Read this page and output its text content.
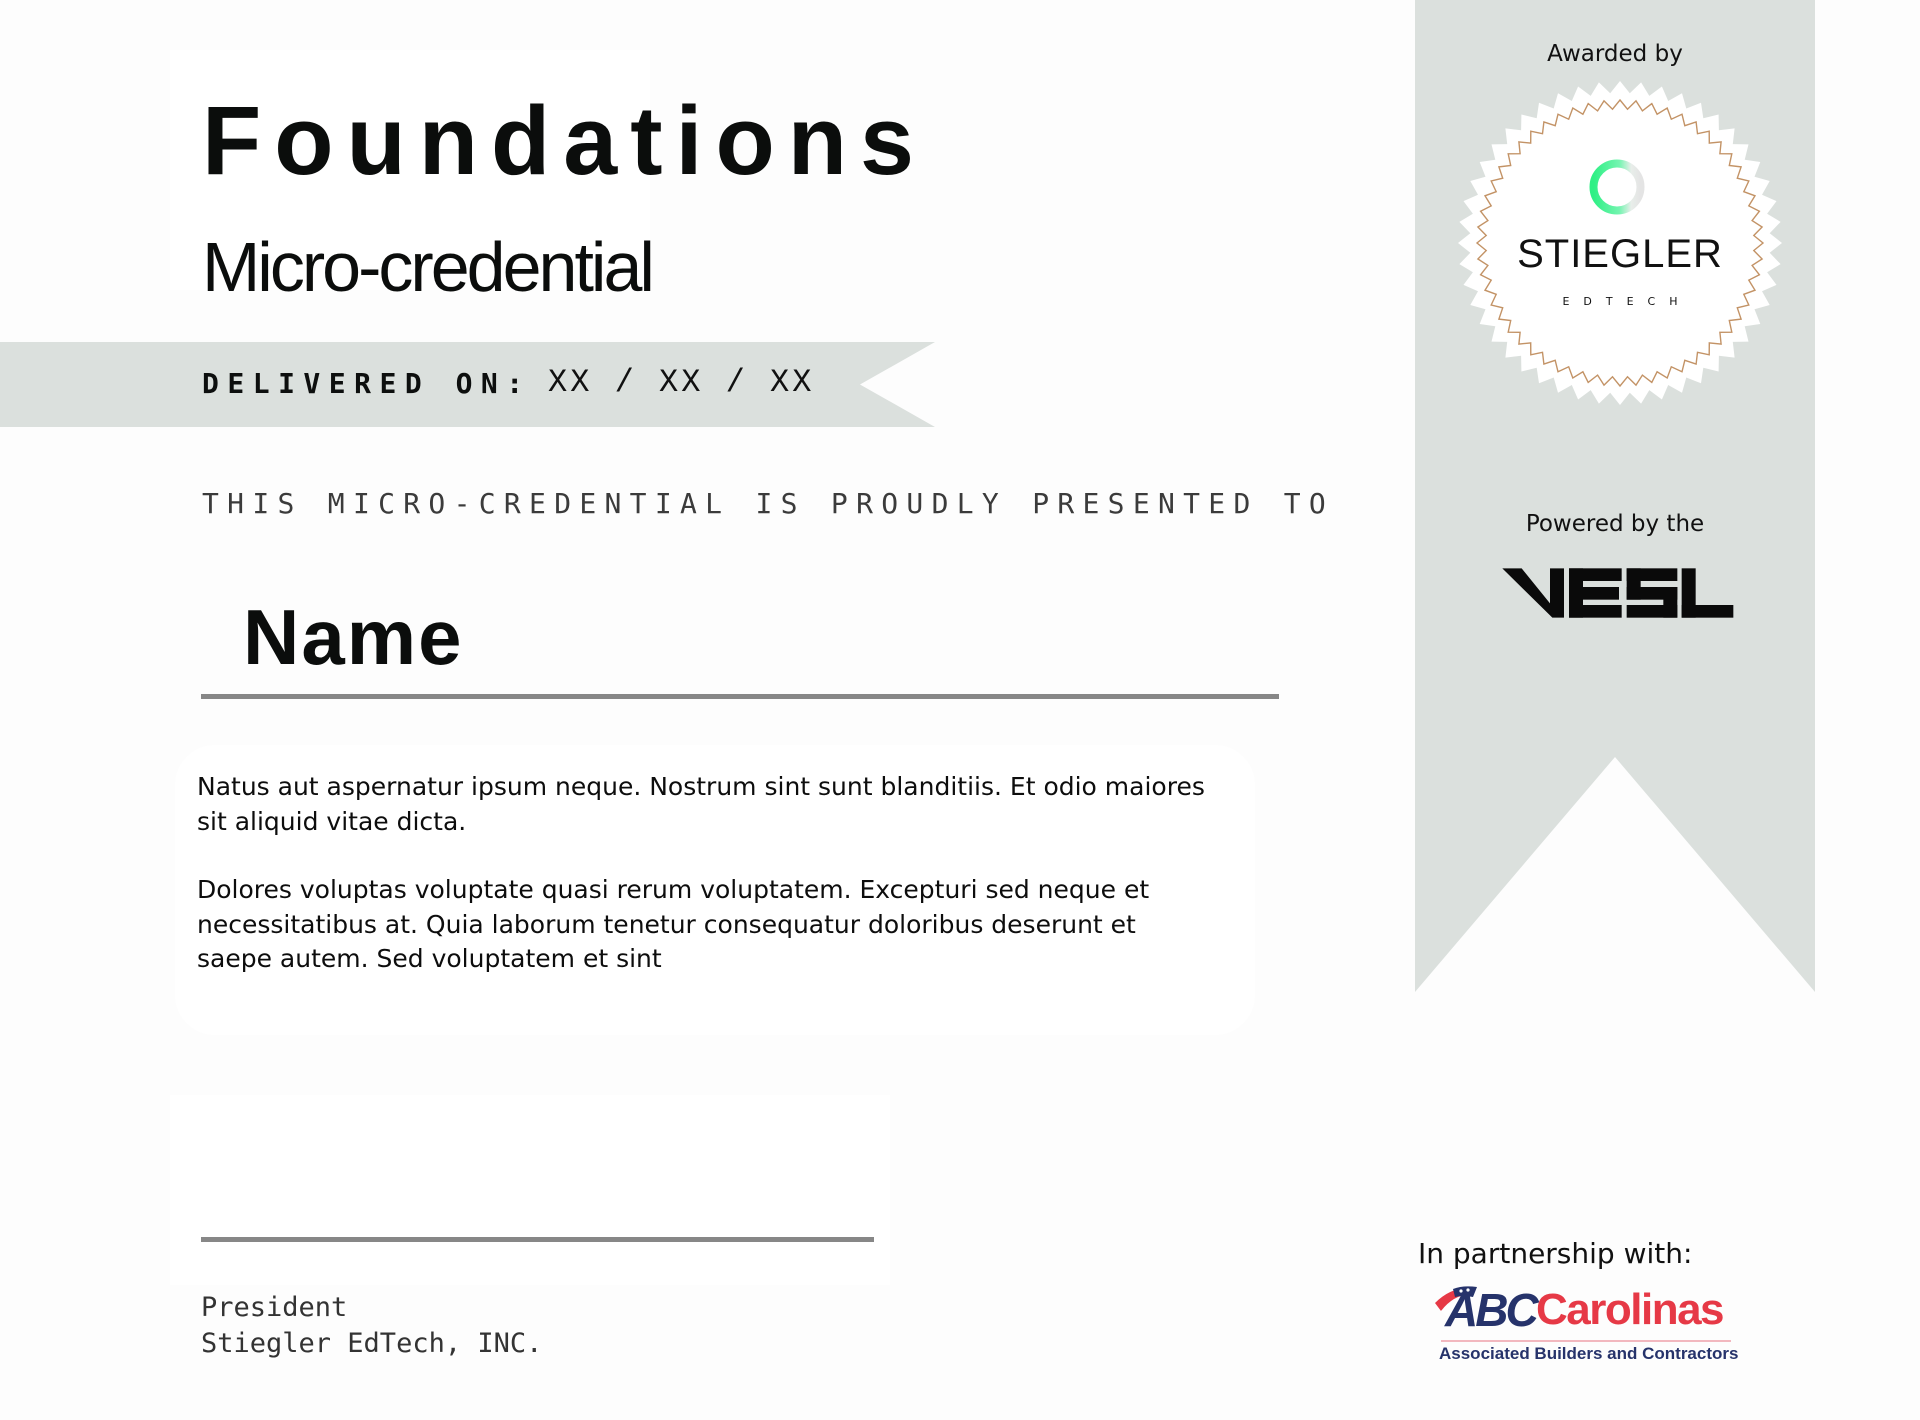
Foundations
Micro-credential
DELIVERED ON: XX / XX / XX
THIS MICRO-CREDENTIAL IS PROUDLY PRESENTED TO
Name

Natus aut aspernatur ipsum neque. Nostrum sint sunt blanditiis. Et odio maiores sit aliquid vitae dicta.

Dolores voluptas voluptate quasi rerum voluptatem. Excepturi sed neque et necessitatibus at. Quia laborum tenetur consequatur doloribus deserunt et saepe autem. Sed voluptatem et sint

President
Stiegler EdTech, INC.
Awarded by
STIEGLER
EDTECH
Powered by the
In partnership with:
ABC Carolinas
Associated Builders and Contractors
